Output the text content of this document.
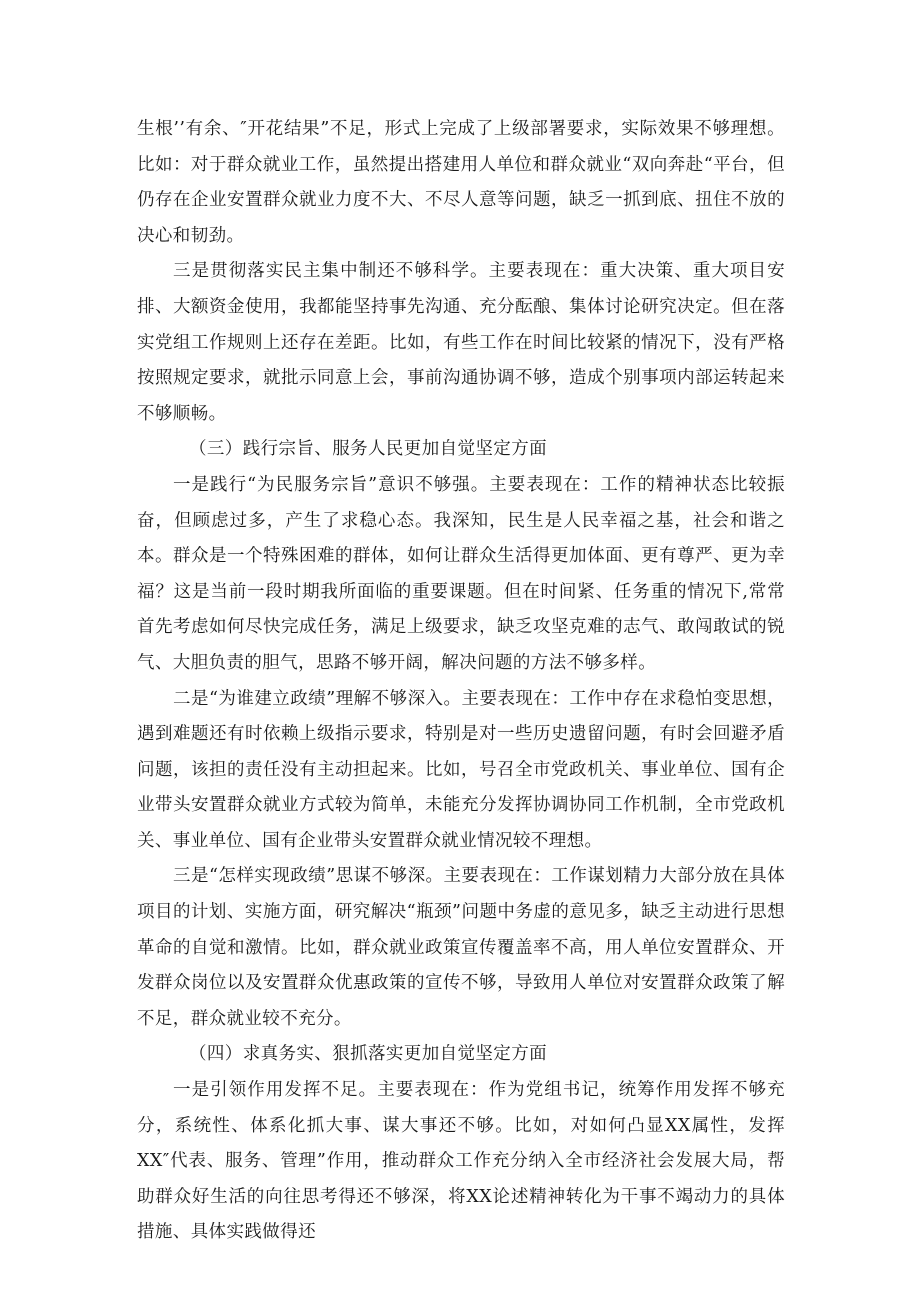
生根’’有余、″开花结果”不足，形式上完成了上级部署要求，实际效果不够理想。比如：对于群众就业工作，虽然提出搭建用人单位和群众就业“双向奔赴“平台，但仍存在企业安置群众就业力度不大、不尽人意等问题，缺乏一抓到底、扭住不放的决心和韧劲。

三是贯彻落实民主集中制还不够科学。主要表现在：重大决策、重大项目安排、大额资金使用，我都能坚持事先沟通、充分酝酿、集体讨论研究决定。但在落实党组工作规则上还存在差距。比如，有些工作在时间比较紧的情况下，没有严格按照规定要求，就批示同意上会，事前沟通协调不够，造成个别事项内部运转起来不够顺畅。

（三）践行宗旨、服务人民更加自觉坚定方面

一是践行“为民服务宗旨”意识不够强。主要表现在：工作的精神状态比较振奋，但顾虑过多，产生了求稳心态。我深知，民生是人民幸福之基，社会和谐之本。群众是一个特殊困难的群体，如何让群众生活得更加体面、更有尊严、更为幸福？这是当前一段时期我所面临的重要课题。但在时间紧、任务重的情况下,常常首先考虑如何尽快完成任务，满足上级要求，缺乏攻坚克难的志气、敢闯敢试的锐气、大胆负责的胆气，思路不够开阔，解决问题的方法不够多样。

二是“为谁建立政绩”理解不够深入。主要表现在：工作中存在求稳怕变思想，遇到难题还有时依赖上级指示要求，特别是对一些历史遗留问题，有时会回避矛盾问题，该担的责任没有主动担起来。比如，号召全市党政机关、事业单位、国有企业带头安置群众就业方式较为简单，未能充分发挥协调协同工作机制，全市党政机关、事业单位、国有企业带头安置群众就业情况较不理想。

三是“怎样实现政绩”思谋不够深。主要表现在：工作谋划精力大部分放在具体项目的计划、实施方面，研究解决“瓶颈”问题中务虚的意见多，缺乏主动进行思想革命的自觉和激情。比如，群众就业政策宣传覆盖率不高，用人单位安置群众、开发群众岗位以及安置群众优惠政策的宣传不够，导致用人单位对安置群众政策了解不足，群众就业较不充分。

（四）求真务实、狠抓落实更加自觉坚定方面

一是引领作用发挥不足。主要表现在：作为党组书记，统筹作用发挥不够充分，系统性、体系化抓大事、谋大事还不够。比如，对如何凸显XX属性，发挥XX″代表、服务、管理”作用，推动群众工作充分纳入全市经济社会发展大局，帮助群众好生活的向往思考得还不够深，将XX论述精神转化为干事不竭动力的具体措施、具体实践做得还
